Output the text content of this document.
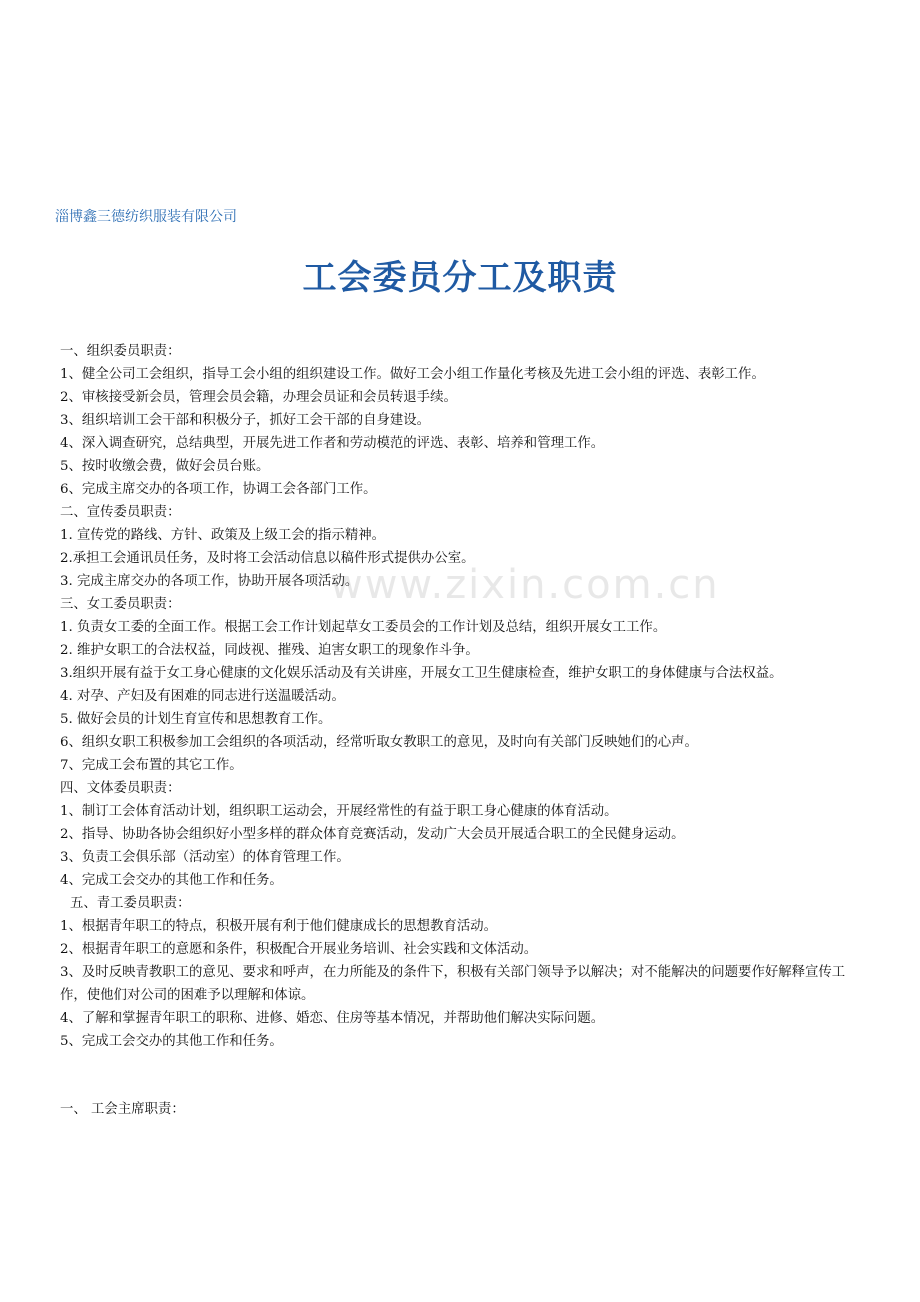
淄博鑫三德纺织服装有限公司
工会委员分工及职责
www.zixin.com.cn
一、组织委员职责：
1、健全公司工会组织，指导工会小组的组织建设工作。做好工会小组工作量化考核及先进工会小组的评选、表彰工作。
2、审核接受新会员，管理会员会籍，办理会员证和会员转退手续。
3、组织培训工会干部和积极分子，抓好工会干部的自身建设。
4、深入调查研究，总结典型，开展先进工作者和劳动模范的评选、表彰、培养和管理工作。
5、按时收缴会费，做好会员台账。
6、完成主席交办的各项工作，协调工会各部门工作。
二、宣传委员职责：
1. 宣传党的路线、方针、政策及上级工会的指示精神。
2.承担工会通讯员任务，及时将工会活动信息以稿件形式提供办公室。
3. 完成主席交办的各项工作，协助开展各项活动。
三、女工委员职责：
1. 负责女工委的全面工作。根据工会工作计划起草女工委员会的工作计划及总结，组织开展女工工作。
2. 维护女职工的合法权益，同歧视、摧残、迫害女职工的现象作斗争。
3.组织开展有益于女工身心健康的文化娱乐活动及有关讲座，开展女工卫生健康检查，维护女职工的身体健康与合法权益。
4. 对孕、产妇及有困难的同志进行送温暖活动。
5. 做好会员的计划生育宣传和思想教育工作。
6、组织女职工积极参加工会组织的各项活动，经常听取女教职工的意见，及时向有关部门反映她们的心声。
7、完成工会布置的其它工作。
四、文体委员职责：
1、制订工会体育活动计划，组织职工运动会，开展经常性的有益于职工身心健康的体育活动。
2、指导、协助各协会组织好小型多样的群众体育竞赛活动，发动广大会员开展适合职工的全民健身运动。
3、负责工会俱乐部（活动室）的体育管理工作。
4、完成工会交办的其他工作和任务。
五、青工委员职责：
1、根据青年职工的特点，积极开展有利于他们健康成长的思想教育活动。
2、根据青年职工的意愿和条件，积极配合开展业务培训、社会实践和文体活动。
3、及时反映青教职工的意见、要求和呼声，在力所能及的条件下，积极有关部门领导予以解决；对不能解决的问题要作好解释宣传工作，使他们对公司的困难予以理解和体谅。
4、了解和掌握青年职工的职称、进修、婚恋、住房等基本情况，并帮助他们解决实际问题。
5、完成工会交办的其他工作和任务。
一、 工会主席职责：
